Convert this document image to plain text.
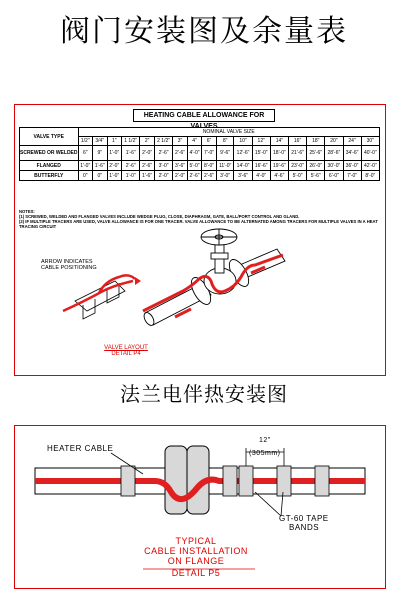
阀门安装图及余量表
HEATING CABLE ALLOWANCE FOR VALVES
VALVE TYPE	NOMINAL VALVE SIZE																	
	1/2"	3/4"	1"	1 1/2"	2"	2 1/2"	3"	4"	6"	8"	10"	12"	14"	16"	18"	20"	24"	30"
SCREWED OR WELDED	6"	9"	1'-0"	1'-6"	2'-0"	2'-6"	2'-6"	4'-0"	7'-0"	9'-6"	12'-6"	15'-0"	18'-0"	21'-6"	25'-6"	28'-6"	34'-6"	40'-0"
FLANGED	1'-0"	1'-6"	2'-0"	2'-6"	2'-6"	3'-0"	3'-6"	5'-0"	8'-0"	11'-0"	14'-0"	16'-6"	19'-6"	23'-0"	26'-0"	30'-0"	36'-0"	42'-0"
BUTTERFLY	0"	0"	1'-0"	1'-0"	1'-6"	2'-0"	2'-0"	2'-6"	2'-6"	3'-0"	3'-6"	4'-0"	4'-6"	5'-0"	5'-6"	6'-0"	7'-0"	8'-0"
NOTES:
(1) SCREWED, WELDED AND FLANGED VALVES INCLUDE WEDGE PLUG, CLOSE, DIAPHRAGM, GATE, BALL/PORT CONTROL AND GLAND.
(2) IF MULTIPLE TRACERS ARE USED, VALVE ALLOWANCE IS FOR ONE TRACER. VALVE ALLOWANCE TO BE ALTERNATED AMONG TRACERS FOR MULTIPLE VALVES IN A HEAT TRACING CIRCUIT
ARROW INDICATES CABLE POSITIONING
VALVE LAYOUT
DETAIL P4
法兰电伴热安装图
HEATER CABLE
12"
(305mm)
GT-60 TAPE
BANDS
TYPICAL
CABLE INSTALLATION
ON FLANGE
DETAIL P5
